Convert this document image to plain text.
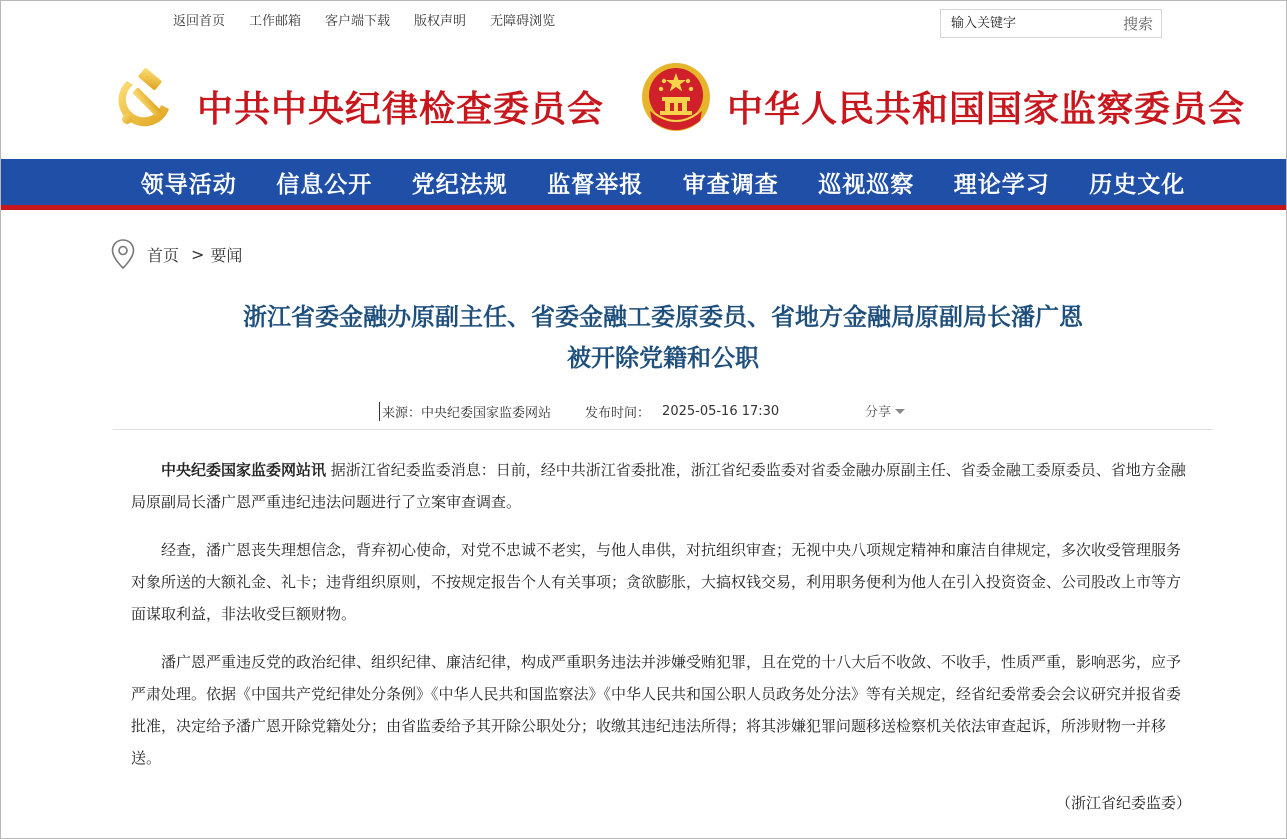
返回首页 工作邮箱 客户端下载 版权声明 无障碍浏览
输入关键字	搜索
中共中央纪律检查委员会	中华人民共和国国家监察委员会
领导活动	信息公开	党纪法规	监督举报	审查调查	巡视巡察	理论学习	历史文化
首页 > 要闻
浙江省委金融办原副主任、省委金融工委原委员、省地方金融局原副局长潘广恩
被开除党籍和公职
来源： 中央纪委国家监委网站	发布时间： 2025-05-16 17:30	分享

中央纪委国家监委网站讯 据浙江省纪委监委消息：日前，经中共浙江省委批准，浙江省纪委监委对省委金融办原副主任、省委金融工委原委员、省地方金融局原副局长潘广恩严重违纪违法问题进行了立案审查调查。

经查，潘广恩丧失理想信念，背弃初心使命，对党不忠诚不老实，与他人串供，对抗组织审查；无视中央八项规定精神和廉洁自律规定，多次收受管理服务对象所送的大额礼金、礼卡；违背组织原则，不按规定报告个人有关事项；贪欲膨胀，大搞权钱交易，利用职务便利为他人在引入投资资金、公司股改上市等方面谋取利益，非法收受巨额财物。

潘广恩严重违反党的政治纪律、组织纪律、廉洁纪律，构成严重职务违法并涉嫌受贿犯罪，且在党的十八大后不收敛、不收手，性质严重，影响恶劣，应予严肃处理。依据《中国共产党纪律处分条例》《中华人民共和国监察法》《中华人民共和国公职人员政务处分法》等有关规定，经省纪委常委会会议研究并报省委批准，决定给予潘广恩开除党籍处分；由省监委给予其开除公职处分；收缴其违纪违法所得；将其涉嫌犯罪问题移送检察机关依法审查起诉，所涉财物一并移送。

（浙江省纪委监委）
